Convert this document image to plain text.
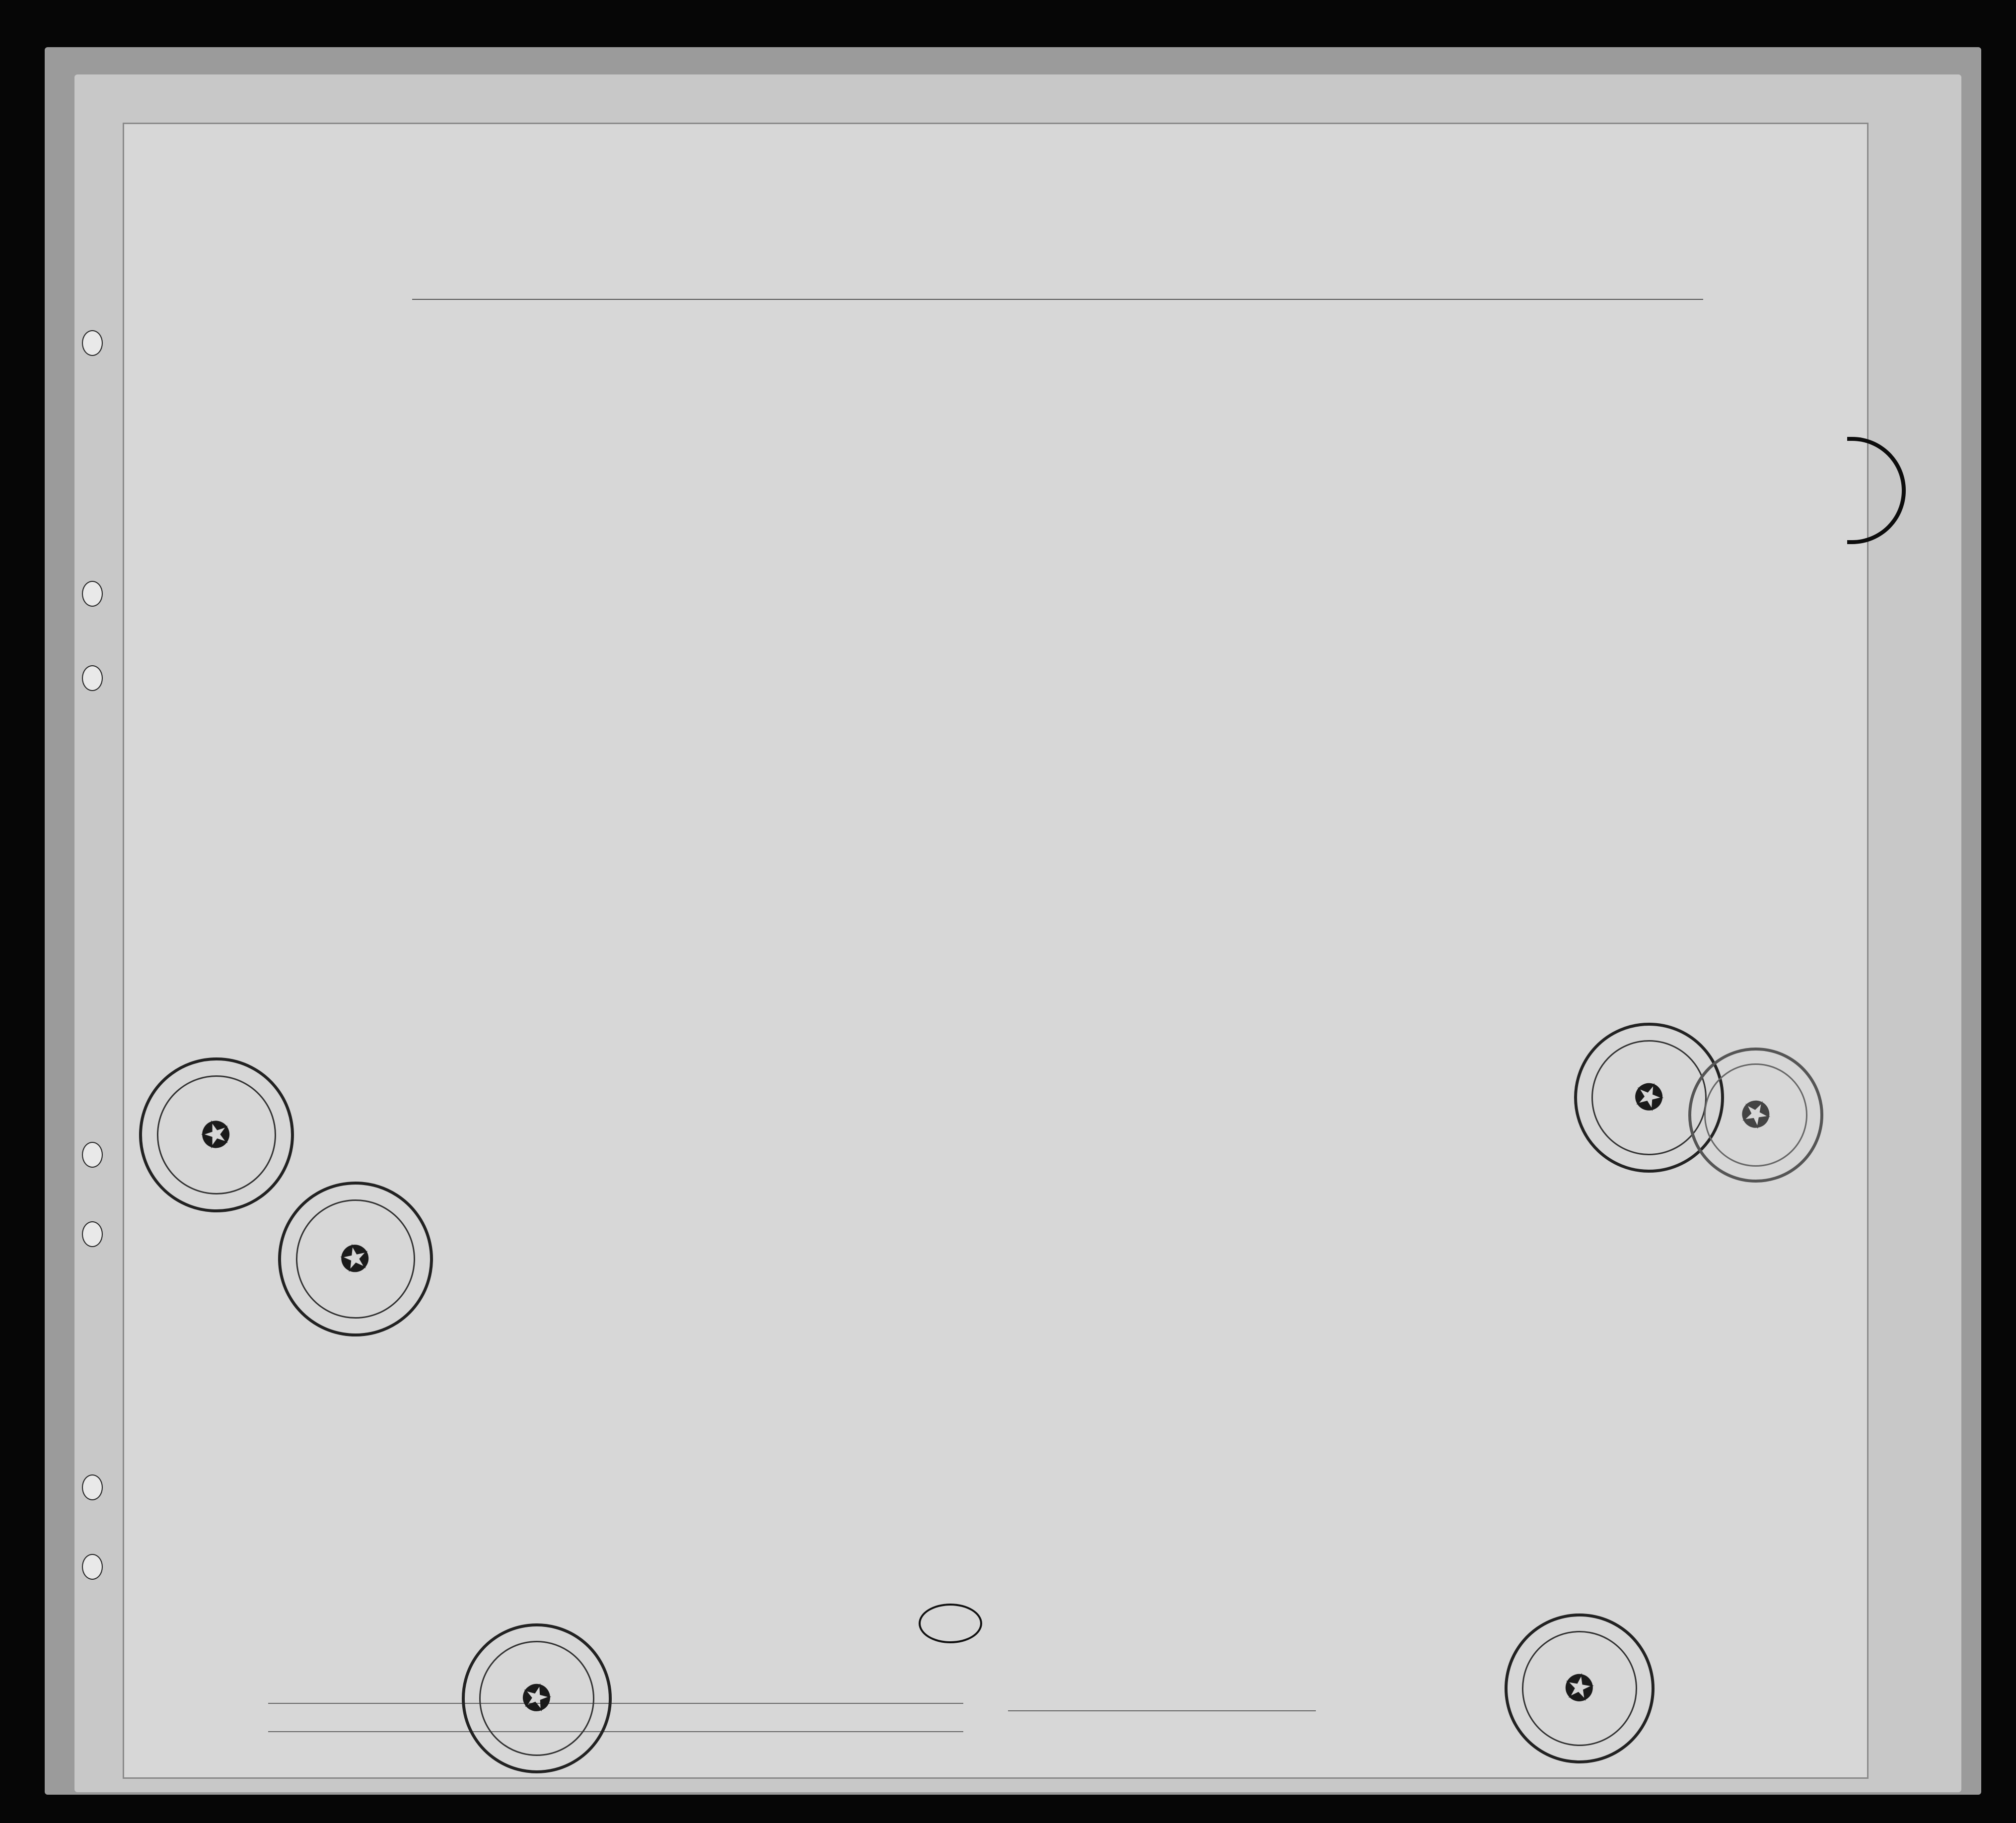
✪
✪
✪ ✪
✪	✪
